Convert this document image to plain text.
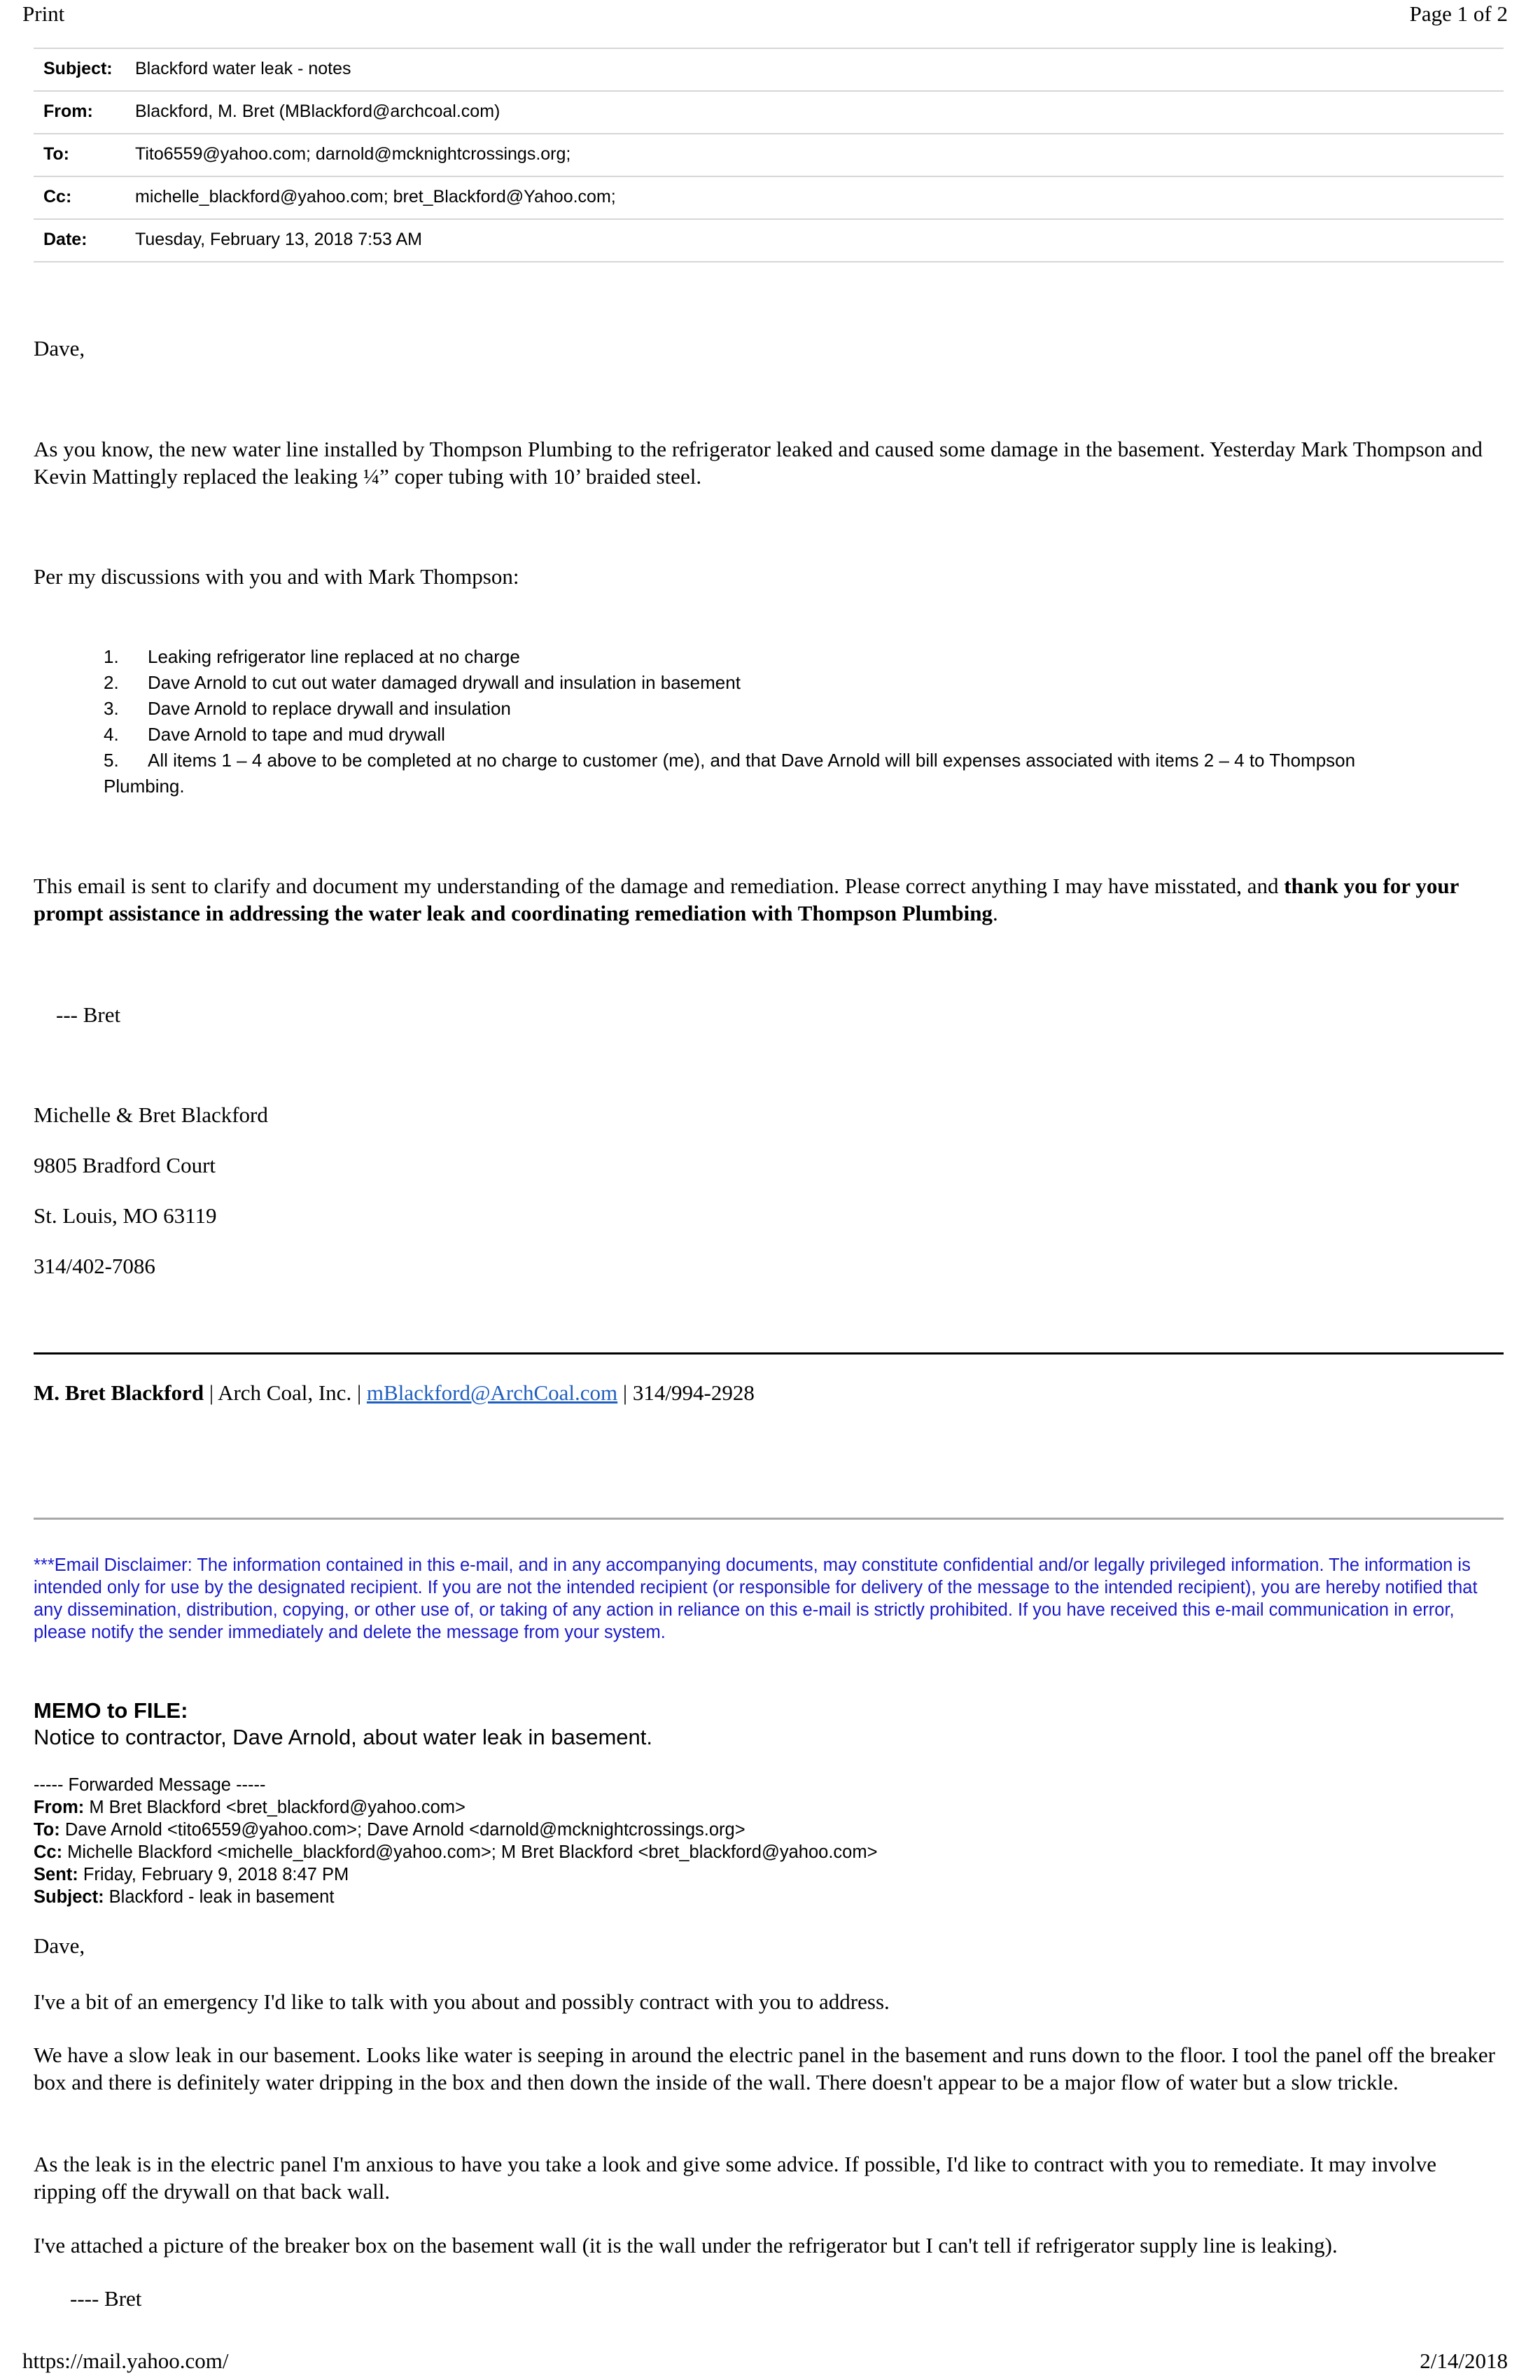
Print	Page 1 of 2
Subject: Blackford water leak - notes
From: Blackford, M. Bret (MBlackford@archcoal.com)
To:	Tito6559@yahoo.com; darnold@mcknightcrossings.org;
Cc:	michelle_blackford@yahoo.com; bret_Blackford@Yahoo.com;
Date:	Tuesday, February 13, 2018 7:53 AM
Dave,
As you know, the new water line installed by Thompson Plumbing to the refrigerator leaked and caused some damage in the basement. Yesterday Mark Thompson and Kevin Mattingly replaced the leaking ¼” coper tubing with 10’ braided steel.
Per my discussions with you and with Mark Thompson:
1. Leaking refrigerator line replaced at no charge
2. Dave Arnold to cut out water damaged drywall and insulation in basement
3. Dave Arnold to replace drywall and insulation
4. Dave Arnold to tape and mud drywall
5. All items 1 – 4 above to be completed at no charge to customer (me), and that Dave Arnold will bill expenses associated with items 2 – 4 to Thompson
Plumbing.
This email is sent to clarify and document my understanding of the damage and remediation. Please correct anything I may have misstated, and thank you for your prompt assistance in addressing the water leak and coordinating remediation with Thompson Plumbing.
--- Bret
Michelle & Bret Blackford
9805 Bradford Court
St. Louis, MO 63119
314/402-7086
M. Bret Blackford | Arch Coal, Inc. | mBlackford@ArchCoal.com | 314/994-2928
***Email Disclaimer: The information contained in this e-mail, and in any accompanying documents, may constitute confidential and/or legally privileged information. The information is intended only for use by the designated recipient. If you are not the intended recipient (or responsible for delivery of the message to the intended recipient), you are hereby notified that any dissemination, distribution, copying, or other use of, or taking of any action in reliance on this e-mail is strictly prohibited. If you have received this e-mail communication in error, please notify the sender immediately and delete the message from your system.
MEMO to FILE:
Notice to contractor, Dave Arnold, about water leak in basement.
----- Forwarded Message -----
From: M Bret Blackford <bret_blackford@yahoo.com>
To: Dave Arnold <tito6559@yahoo.com>; Dave Arnold <darnold@mcknightcrossings.org>
Cc: Michelle Blackford <michelle_blackford@yahoo.com>; M Bret Blackford <bret_blackford@yahoo.com>
Sent: Friday, February 9, 2018 8:47 PM
Subject: Blackford - leak in basement
Dave,
I've a bit of an emergency I'd like to talk with you about and possibly contract with you to address.
We have a slow leak in our basement. Looks like water is seeping in around the electric panel in the basement and runs down to the floor. I tool the panel off the breaker box and there is definitely water dripping in the box and then down the inside of the wall. There doesn't appear to be a major flow of water but a slow trickle.
As the leak is in the electric panel I'm anxious to have you take a look and give some advice. If possible, I'd like to contract with you to remediate. It may involve ripping off the drywall on that back wall.
I've attached a picture of the breaker box on the basement wall (it is the wall under the refrigerator but I can't tell if refrigerator supply line is leaking).
---- Bret
https://mail.yahoo.com/	2/14/2018
